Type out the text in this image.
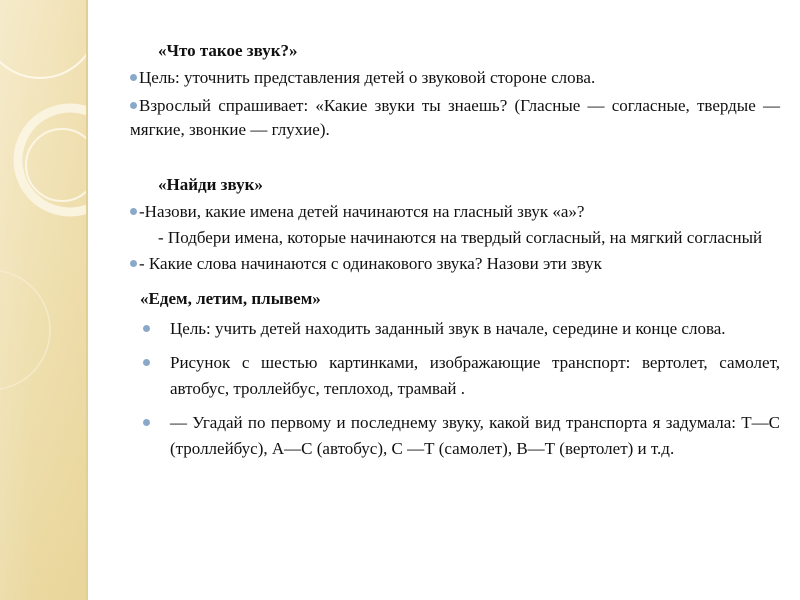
«Что такое звук?»

Цель: уточнить представления детей о звуковой стороне слова.

Взрослый спрашивает: «Какие звуки ты знаешь? (Гласные — согласные, твердые — мягкие, звонкие — глухие).

«Найди звук»

-Назови, какие имена детей начинаются на гласный звук «а»?

- Подбери имена, которые начинаются на твердый согласный, на мягкий согласный

- Какие слова начинаются с одинакового звука? Назови эти звук

«Едем, летим, плывем»

Цель: учить детей находить заданный звук в начале, середине и конце слова.
Рисунок с шестью картинками, изображающие транспорт: вертолет, самолет, автобус, троллейбус, теплоход, трамвай .
— Угадай по первому и последнему звуку, какой вид транспорта я задумала: Т—С (троллейбус), А—С (автобус), С —Т (самолет), В—Т (вертолет) и т.д.
